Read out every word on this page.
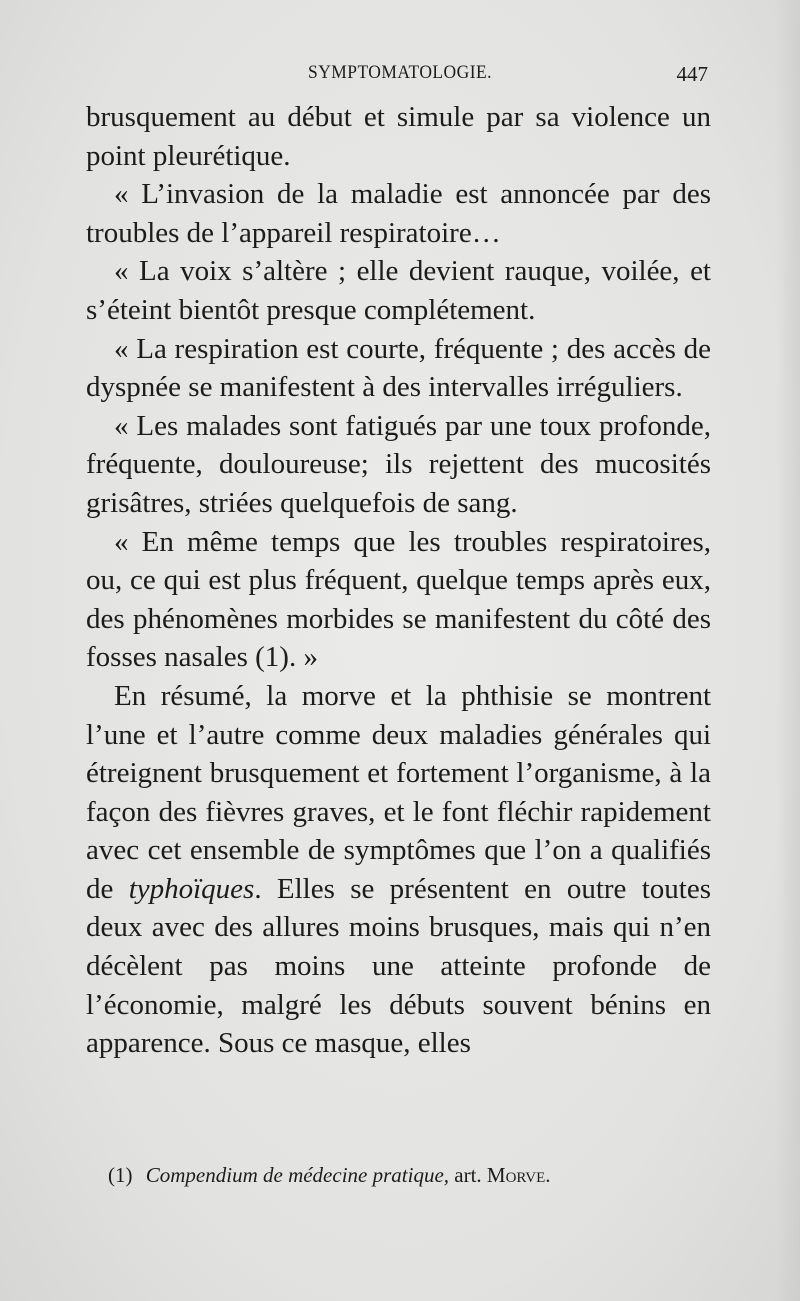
SYMPTOMATOLOGIE.	447

brusquement au début et simule par sa violence un point pleurétique.

« L’invasion de la maladie est annoncée par des troubles de l’appareil respiratoire…

« La voix s’altère ; elle devient rauque, voilée, et s’éteint bientôt presque complétement.

« La respiration est courte, fréquente ; des accès de dyspnée se manifestent à des intervalles irréguliers.

« Les malades sont fatigués par une toux profonde, fréquente, douloureuse; ils rejettent des mucosités grisâtres, striées quelquefois de sang.

« En même temps que les troubles respiratoires, ou, ce qui est plus fréquent, quelque temps après eux, des phénomènes morbides se manifestent du côté des fosses nasales (1). »

En résumé, la morve et la phthisie se montrent l’une et l’autre comme deux maladies générales qui étreignent brusquement et fortement l’organisme, à la façon des fièvres graves, et le font fléchir rapidement avec cet ensemble de symptômes que l’on a qualifiés de typhoïques. Elles se présentent en outre toutes deux avec des allures moins brusques, mais qui n’en décèlent pas moins une atteinte profonde de l’économie, malgré les débuts souvent bénins en apparence. Sous ce masque, elles

(1) Compendium de médecine pratique, art. Morve.
